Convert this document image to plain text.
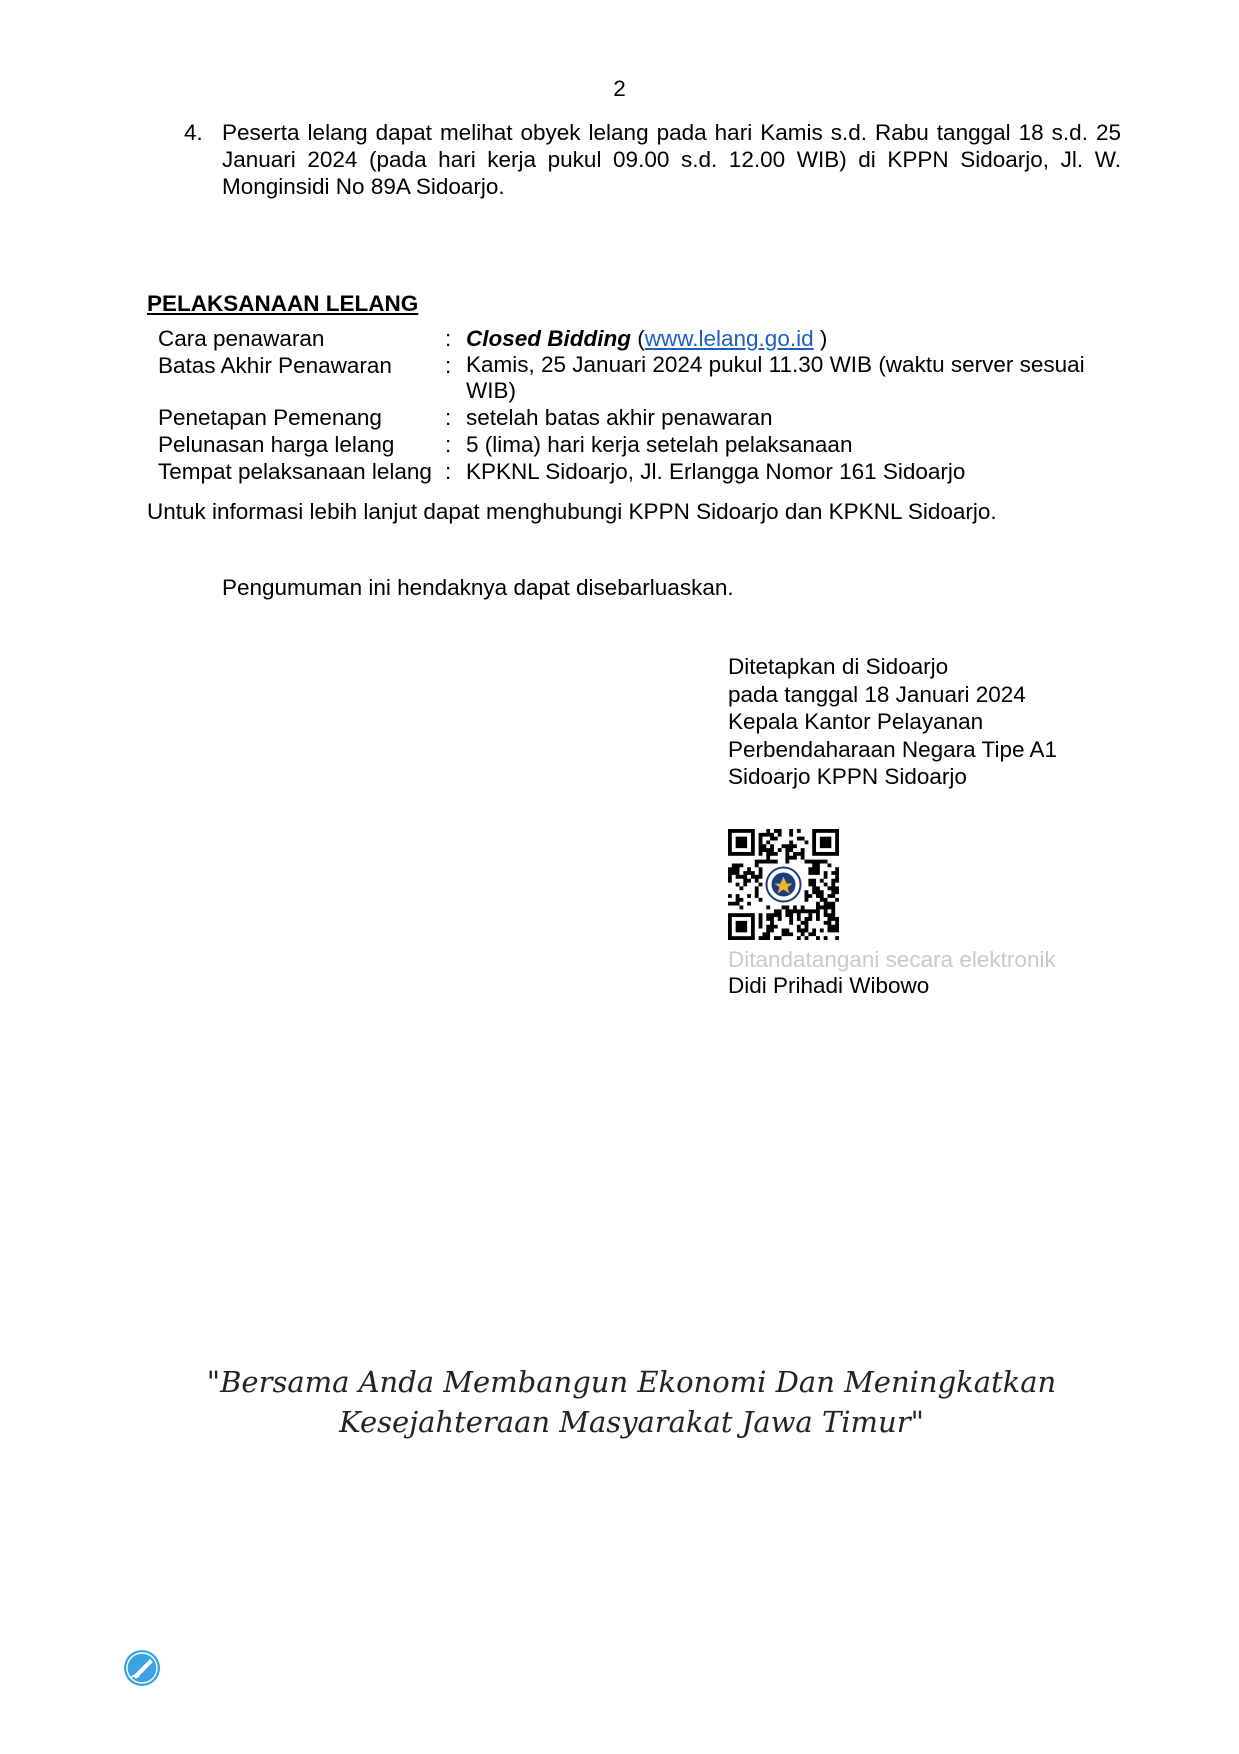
2
4. Peserta lelang dapat melihat obyek lelang pada hari Kamis s.d. Rabu tanggal 18 s.d. 25 Januari 2024 (pada hari kerja pukul 09.00 s.d. 12.00 WIB) di KPPN Sidoarjo, Jl. W. Monginsidi No 89A Sidoarjo.
PELAKSANAAN LELANG
Cara penawaran	: Closed Bidding (www.lelang.go.id )
Batas Akhir Penawaran	: Kamis, 25 Januari 2024 pukul 11.30 WIB (waktu server sesuai WIB)
Penetapan Pemenang	: setelah batas akhir penawaran
Pelunasan harga lelang	: 5 (lima) hari kerja setelah pelaksanaan
Tempat pelaksanaan lelang : KPKNL Sidoarjo, Jl. Erlangga Nomor 161 Sidoarjo
Untuk informasi lebih lanjut dapat menghubungi KPPN Sidoarjo dan KPKNL Sidoarjo.
Pengumuman ini hendaknya dapat disebarluaskan.
Ditetapkan di Sidoarjo
pada tanggal 18 Januari 2024
Kepala Kantor Pelayanan
Perbendaharaan Negara Tipe A1
Sidoarjo KPPN Sidoarjo
Ditandatangani secara elektronik
Didi Prihadi Wibowo
"Bersama Anda Membangun Ekonomi Dan Meningkatkan
Kesejahteraan Masyarakat Jawa Timur"
